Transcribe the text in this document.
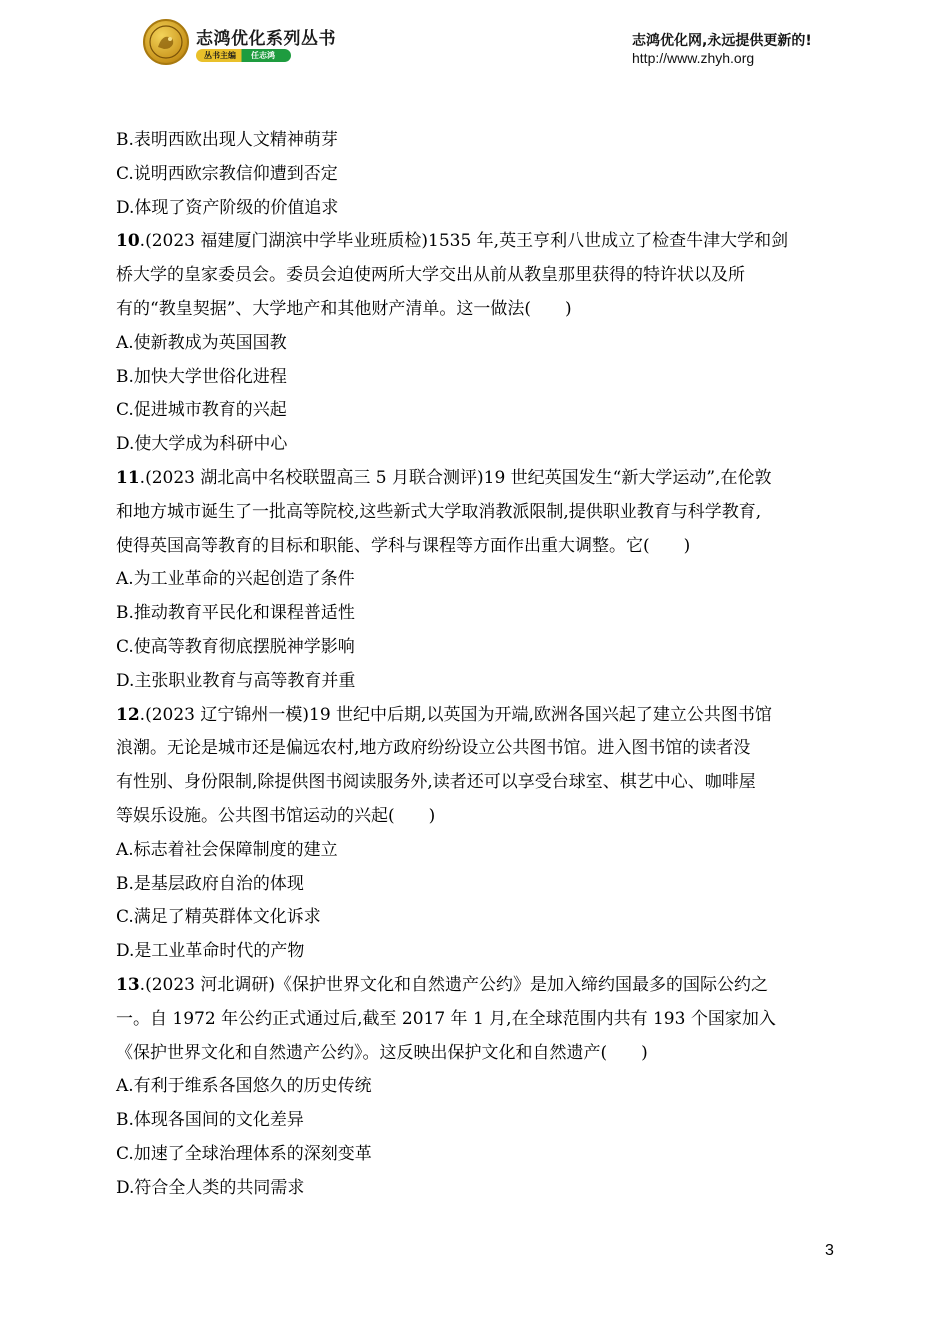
志鸿优化系列丛书
丛书主编 任志鸿
志鸿优化网,永远提供更新的!
http://www.zhyh.org
B.表明西欧出现人文精神萌芽
C.说明西欧宗教信仰遭到否定
D.体现了资产阶级的价值追求
10.(2023 福建厦门湖滨中学毕业班质检)1535 年,英王亨利八世成立了检查牛津大学和剑
桥大学的皇家委员会。委员会迫使两所大学交出从前从教皇那里获得的特许状以及所
有的“教皇契据”、大学地产和其他财产清单。这一做法(　　)
A.使新教成为英国国教
B.加快大学世俗化进程
C.促进城市教育的兴起
D.使大学成为科研中心
11.(2023 湖北高中名校联盟高三 5 月联合测评)19 世纪英国发生“新大学运动”,在伦敦
和地方城市诞生了一批高等院校,这些新式大学取消教派限制,提供职业教育与科学教育,
使得英国高等教育的目标和职能、学科与课程等方面作出重大调整。它(　　)
A.为工业革命的兴起创造了条件
B.推动教育平民化和课程普适性
C.使高等教育彻底摆脱神学影响
D.主张职业教育与高等教育并重
12.(2023 辽宁锦州一模)19 世纪中后期,以英国为开端,欧洲各国兴起了建立公共图书馆
浪潮。无论是城市还是偏远农村,地方政府纷纷设立公共图书馆。进入图书馆的读者没
有性别、身份限制,除提供图书阅读服务外,读者还可以享受台球室、棋艺中心、咖啡屋
等娱乐设施。公共图书馆运动的兴起(　　)
A.标志着社会保障制度的建立
B.是基层政府自治的体现
C.满足了精英群体文化诉求
D.是工业革命时代的产物
13.(2023 河北调研)《保护世界文化和自然遗产公约》是加入缔约国最多的国际公约之
一。自 1972 年公约正式通过后,截至 2017 年 1 月,在全球范围内共有 193 个国家加入
《保护世界文化和自然遗产公约》。这反映出保护文化和自然遗产(　　)
A.有利于维系各国悠久的历史传统
B.体现各国间的文化差异
C.加速了全球治理体系的深刻变革
D.符合全人类的共同需求
3
